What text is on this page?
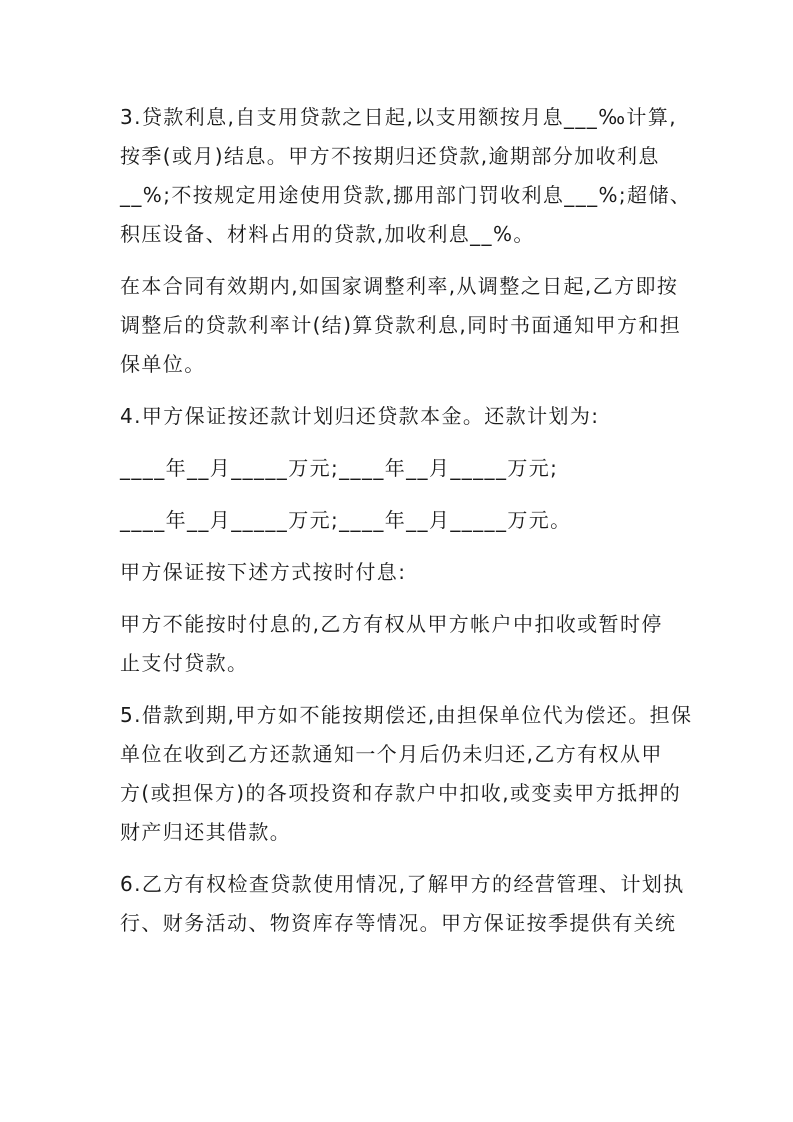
3.贷款利息,自支用贷款之日起,以支用额按月息___‰计算,
按季(或月)结息。甲方不按期归还贷款,逾期部分加收利息
__%;不按规定用途使用贷款,挪用部门罚收利息___%;超储、
积压设备、材料占用的贷款,加收利息__%。
在本合同有效期内,如国家调整利率,从调整之日起,乙方即按
调整后的贷款利率计(结)算贷款利息,同时书面通知甲方和担
保单位。
4.甲方保证按还款计划归还贷款本金。还款计划为:
____年__月_____万元;____年__月_____万元;
____年__月_____万元;____年__月_____万元。
甲方保证按下述方式按时付息:
甲方不能按时付息的,乙方有权从甲方帐户中扣收或暂时停
止支付贷款。
5.借款到期,甲方如不能按期偿还,由担保单位代为偿还。担保
单位在收到乙方还款通知一个月后仍未归还,乙方有权从甲
方(或担保方)的各项投资和存款户中扣收,或变卖甲方抵押的
财产归还其借款。
6.乙方有权检查贷款使用情况,了解甲方的经营管理、计划执
行、财务活动、物资库存等情况。甲方保证按季提供有关统
